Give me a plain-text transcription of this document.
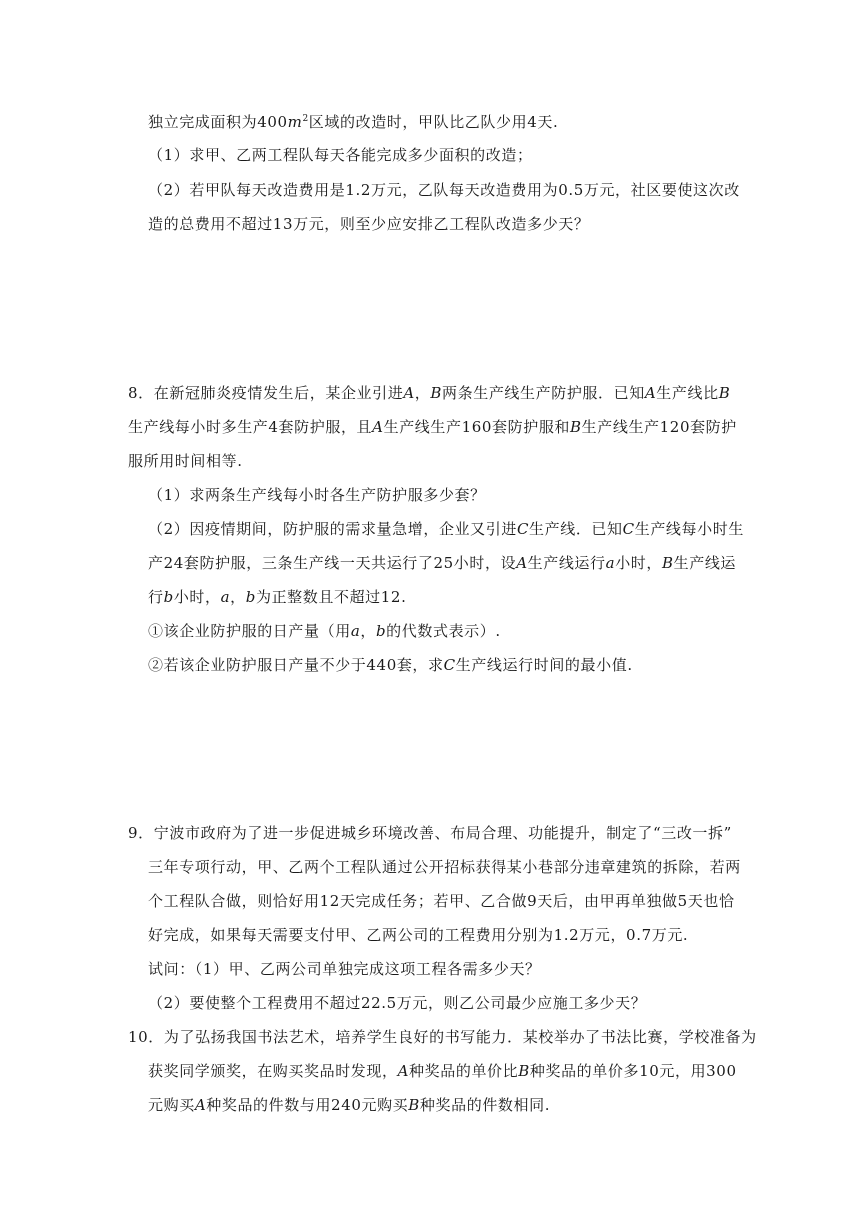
独立完成面积为$400m^2$区域的改造时，甲队比乙队少用4天.
（1）求甲、乙两工程队每天各能完成多少面积的改造；
（2）若甲队每天改造费用是1.2万元，乙队每天改造费用为0.5万元，社区要使这次改
造的总费用不超过13万元，则至少应安排乙工程队改造多少天？
8．在新冠肺炎疫情发生后，某企业引进A，B两条生产线生产防护服．已知A生产线比B
生产线每小时多生产4套防护服，且A生产线生产160套防护服和B生产线生产120套防护
服所用时间相等.
（1）求两条生产线每小时各生产防护服多少套？
（2）因疫情期间，防护服的需求量急增，企业又引进C生产线．已知C生产线每小时生
产24套防护服，三条生产线一天共运行了25小时，设A生产线运行a小时，B生产线运
行b小时，a，b为正整数且不超过12.
①该企业防护服的日产量（用a，b的代数式表示）.
②若该企业防护服日产量不少于440套，求C生产线运行时间的最小值.
9．宁波市政府为了进一步促进城乡环境改善、布局合理、功能提升，制定了“三改一拆”
三年专项行动，甲、乙两个工程队通过公开招标获得某小巷部分违章建筑的拆除，若两
个工程队合做，则恰好用12天完成任务；若甲、乙合做9天后，由甲再单独做5天也恰
好完成，如果每天需要支付甲、乙两公司的工程费用分别为1.2万元，0.7万元.
试问：（1）甲、乙两公司单独完成这项工程各需多少天？
（2）要使整个工程费用不超过22.5万元，则乙公司最少应施工多少天？
10．为了弘扬我国书法艺术，培养学生良好的书写能力．某校举办了书法比赛，学校准备为
获奖同学颁奖，在购买奖品时发现，A种奖品的单价比B种奖品的单价多10元，用300
元购买A种奖品的件数与用240元购买B种奖品的件数相同.
